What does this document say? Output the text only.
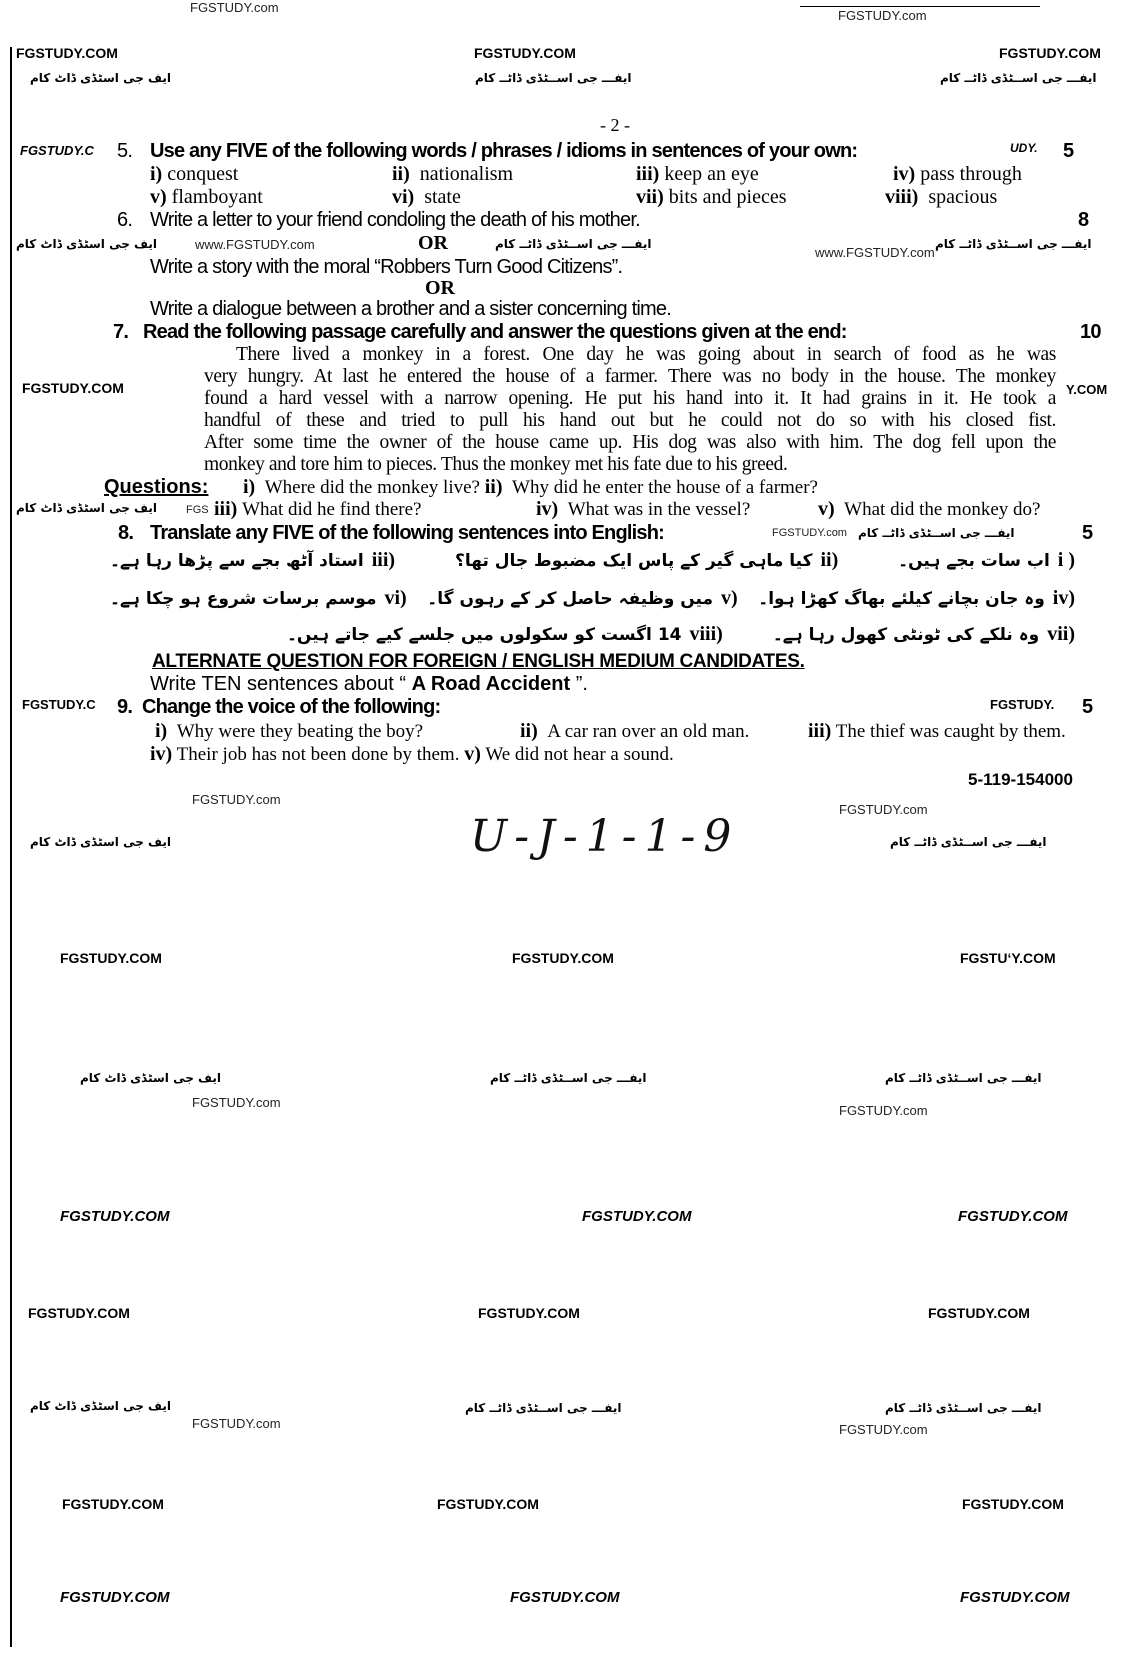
FGSTUDY.com
FGSTUDY.com
FGSTUDY.COM	FGSTUDY.COM	FGSTUDY.COM
ایف جی اسٹڈی ڈاٹ کام	ایفـــ جی اســٹڈی ڈاٹــ کام	ایفـــ جی اســٹڈی ڈاٹــ کام
- 2 -
FGSTUDY.C 5. Use any FIVE of the following words / phrases / idioms in sentences of your own:	UDY. 5
i) conquest	ii) nationalism	iii) keep an eye	iv) pass through
v) flamboyant	vi) state	vii) bits and pieces	viii) spacious
6. Write a letter to your friend condoling the death of his mother.	8
ایف جی اسٹڈی ڈاٹ کام	www.FGSTUDY.com	OR	ایفـــ جی اســٹڈی ڈاٹــ کام
www.FGSTUDY.com
ایفـــ جی اســٹڈی ڈاٹــ کام
Write a story with the moral “Robbers Turn Good Citizens”.
OR
Write a dialogue between a brother and a sister concerning time.
7. Read the following passage carefully and answer the questions given at the end:	10
There lived a monkey in a forest. One day he was going about in search of food as he was
very hungry. At last he entered the house of a farmer. There was no body in the house. The monkey
found a hard vessel with a narrow opening. He put his hand into it. It had grains in it. He took a
handful of these and tried to pull his hand out but he could not do so with his closed fist.
After some time the owner of the house came up. His dog was also with him. The dog fell upon the
monkey and tore him to pieces. Thus the monkey met his fate due to his greed.
FGSTUDY.COM	Y.COM
Questions: i) Where did the monkey live? ii) Why did he enter the house of a farmer?
FGS iii) What did he find there?	iv) What was in the vessel?	v) What did the monkey do?
ایف جی اسٹڈی ڈاٹ کام
8. Translate any FIVE of the following sentences into English:	FGSTUDY.com ایفـــ جی اســٹڈی ڈاٹــ کام	5
i )اب سات بجے ہیں۔
ii)کیا ماہی گیر کے پاس ایک مضبوط جال تھا؟
iii)استاد آٹھ بجے سے پڑھا رہا ہے۔
iv)وہ جان بچانے کیلئے بھاگ کھڑا ہوا۔
v)میں وظیفہ حاصل کر کے رہوں گا۔
vi)موسم برسات شروع ہو چکا ہے۔
vii)وہ نلکے کی ٹونٹی کھول رہا ہے۔
viii)14 اگست کو سکولوں میں جلسے کیے جاتے ہیں۔
ALTERNATE QUESTION FOR FOREIGN / ENGLISH MEDIUM CANDIDATES.
Write TEN sentences about “ A Road Accident ”.
FGSTUDY.C 9. Change the voice of the following:	FGSTUDY. 5
i) Why were they beating the boy?	ii) A car ran over an old man.	iii) The thief was caught by them.
iv) Their job has not been done by them. v) We did not hear a sound.
5-119-154000
FGSTUDY.com
FGSTUDY.com
ایف جی اسٹڈی ڈاٹ کام	ایفـــ جی اســٹڈی ڈاٹــ کام
U-J-1-1-9
FGSTUDY.COM	FGSTUDY.COM	FGSTUʻY.COM
ایف جی اسٹڈی ڈاٹ کام	ایفـــ جی اســٹڈی ڈاٹــ کام	ایفـــ جی اســٹڈی ڈاٹــ کام
FGSTUDY.com
FGSTUDY.com
FGSTUDY.COM	FGSTUDY.COM	FGSTUDY.COM
FGSTUDY.COM	FGSTUDY.COM	FGSTUDY.COM
ایف جی اسٹڈی ڈاٹ کام
FGSTUDY.com
ایفـــ جی اســٹڈی ڈاٹــ کام	ایفـــ جی اســٹڈی ڈاٹــ کام
FGSTUDY.com
FGSTUDY.COM	FGSTUDY.COM	FGSTUDY.COM
FGSTUDY.COM	FGSTUDY.COM	FGSTUDY.COM
